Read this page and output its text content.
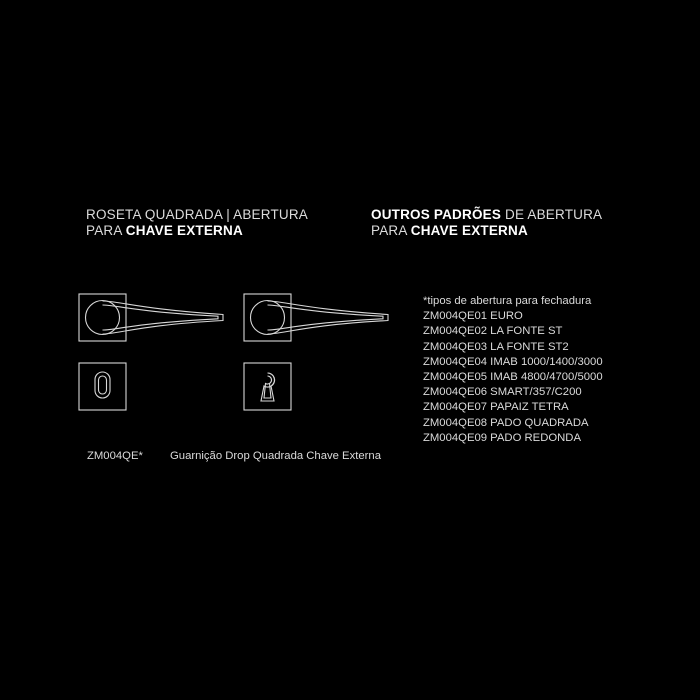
ROSETA QUADRADA | ABERTURA
PARA CHAVE EXTERNA
OUTROS PADRÕES DE ABERTURA
PARA CHAVE EXTERNA
*tipos de abertura para fechadura
ZM004QE01 EURO
ZM004QE02 LA FONTE ST
ZM004QE03 LA FONTE ST2
ZM004QE04 IMAB 1000/1400/3000
ZM004QE05 IMAB 4800/4700/5000
ZM004QE06 SMART/357/C200
ZM004QE07 PAPAIZ TETRA
ZM004QE08 PADO QUADRADA
ZM004QE09 PADO REDONDA
ZM004QE* Guarnição Drop Quadrada Chave Externa
